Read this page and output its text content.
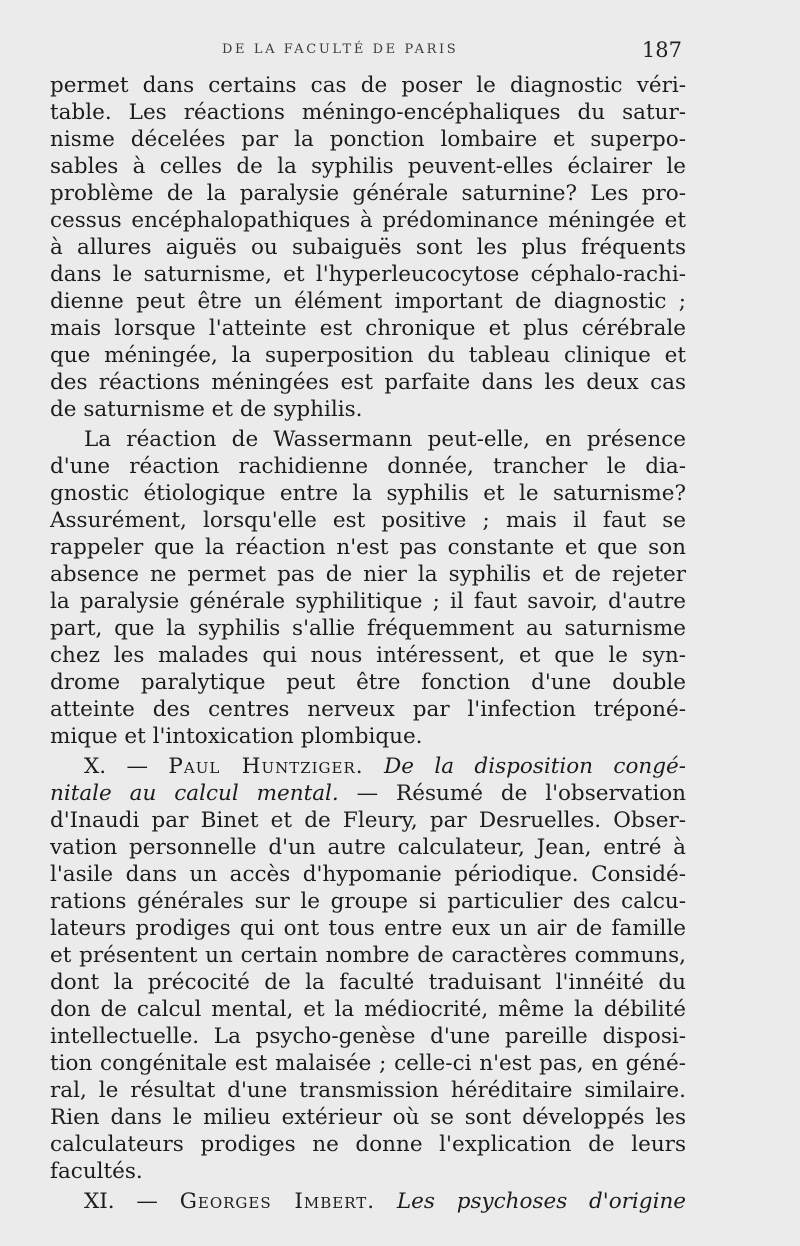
DE LA FACULTÉ DE PARIS	187
permet dans certains cas de poser le diagnostic véri-
table. Les réactions méningo-encéphaliques du satur-
nisme décelées par la ponction lombaire et superpo-
sables à celles de la syphilis peuvent-elles éclairer le
problème de la paralysie générale saturnine? Les pro-
cessus encéphalopathiques à prédominance méningée et
à allures aiguës ou subaiguës sont les plus fréquents
dans le saturnisme, et l'hyperleucocytose céphalo-rachi-
dienne peut être un élément important de diagnostic ;
mais lorsque l'atteinte est chronique et plus cérébrale
que méningée, la superposition du tableau clinique et
des réactions méningées est parfaite dans les deux cas
de saturnisme et de syphilis.
La réaction de Wassermann peut-elle, en présence
d'une réaction rachidienne donnée, trancher le dia-
gnostic étiologique entre la syphilis et le saturnisme?
Assurément, lorsqu'elle est positive ; mais il faut se
rappeler que la réaction n'est pas constante et que son
absence ne permet pas de nier la syphilis et de rejeter
la paralysie générale syphilitique ; il faut savoir, d'autre
part, que la syphilis s'allie fréquemment au saturnisme
chez les malades qui nous intéressent, et que le syn-
drome paralytique peut être fonction d'une double
atteinte des centres nerveux par l'infection tréponé-
mique et l'intoxication plombique.
X. — Paul Huntziger. De la disposition congé-
nitale au calcul mental. — Résumé de l'observation
d'Inaudi par Binet et de Fleury, par Desruelles. Obser-
vation personnelle d'un autre calculateur, Jean, entré à
l'asile dans un accès d'hypomanie périodique. Considé-
rations générales sur le groupe si particulier des calcu-
lateurs prodiges qui ont tous entre eux un air de famille
et présentent un certain nombre de caractères communs,
dont la précocité de la faculté traduisant l'innéité du
don de calcul mental, et la médiocrité, même la débilité
intellectuelle. La psycho-genèse d'une pareille disposi-
tion congénitale est malaisée ; celle-ci n'est pas, en géné-
ral, le résultat d'une transmission héréditaire similaire.
Rien dans le milieu extérieur où se sont développés les
calculateurs prodiges ne donne l'explication de leurs
facultés.
XI. — Georges Imbert. Les psychoses d'origine
